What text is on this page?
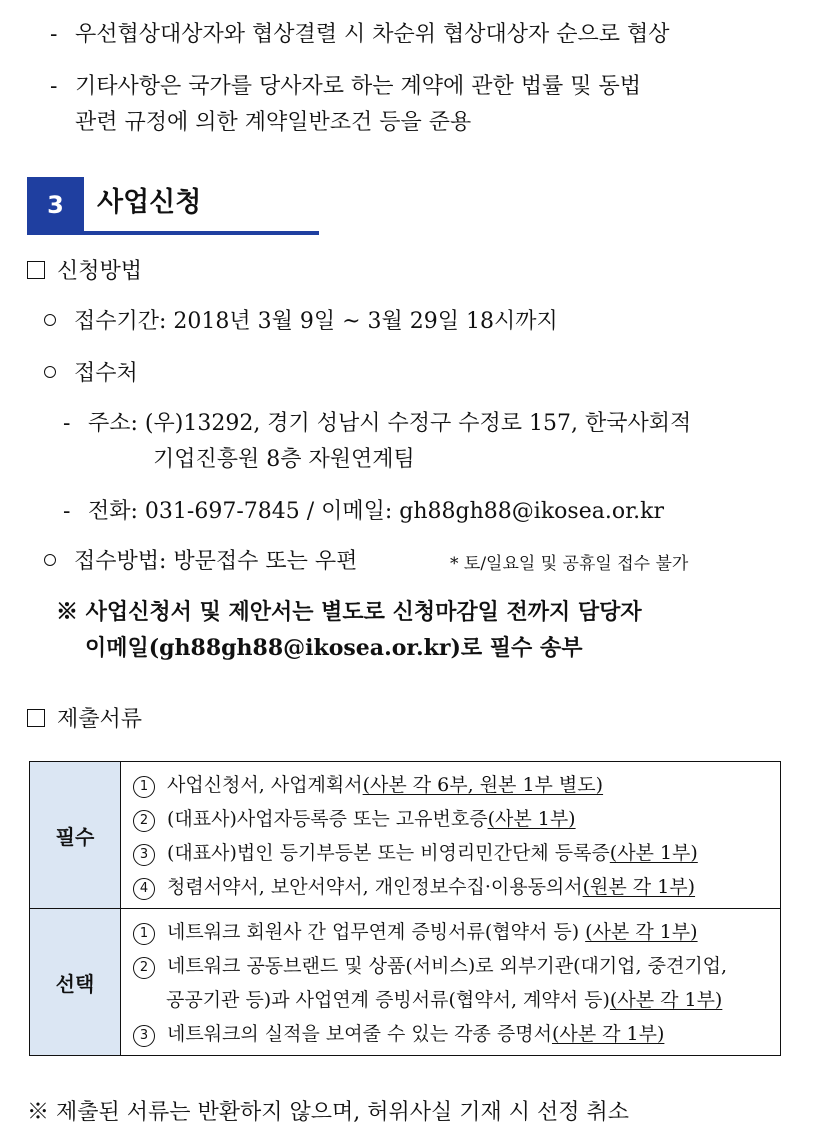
- 우선협상대상자와 협상결렬 시 차순위 협상대상자 순으로 협상
- 기타사항은 국가를 당사자로 하는 계약에 관한 법률 및 동법
관련 규정에 의한 계약일반조건 등을 준용
3	사업신청
신청방법
접수기간: 2018년 3월 9일 ~ 3월 29일 18시까지
접수처
- 주소: (우)13292, 경기 성남시 수정구 수정로 157, 한국사회적
기업진흥원 8층 자원연계팀
- 전화: 031-697-7845 / 이메일: gh88gh88@ikosea.or.kr
접수방법: 방문접수 또는 우편	* 토/일요일 및 공휴일 접수 불가
※ 사업신청서 및 제안서는 별도로 신청마감일 전까지 담당자
이메일(gh88gh88@ikosea.or.kr)로 필수 송부
제출서류
필수	1 사업신청서, 사업계획서(사본 각 6부, 원본 1부 별도)
2 (대표사)사업자등록증 또는 고유번호증(사본 1부)
3 (대표사)법인 등기부등본 또는 비영리민간단체 등록증(사본 1부)
4 청렴서약서, 보안서약서, 개인정보수집·이용동의서(원본 각 1부)

선택	1 네트워크 회원사 간 업무연계 증빙서류(협약서 등) (사본 각 1부)
2 네트워크 공동브랜드 및 상품(서비스)로 외부기관(대기업, 중견기업,
공공기관 등)과 사업연계 증빙서류(협약서, 계약서 등)(사본 각 1부)
3 네트워크의 실적을 보여줄 수 있는 각종 증명서(사본 각 1부)
※ 제출된 서류는 반환하지 않으며, 허위사실 기재 시 선정 취소
